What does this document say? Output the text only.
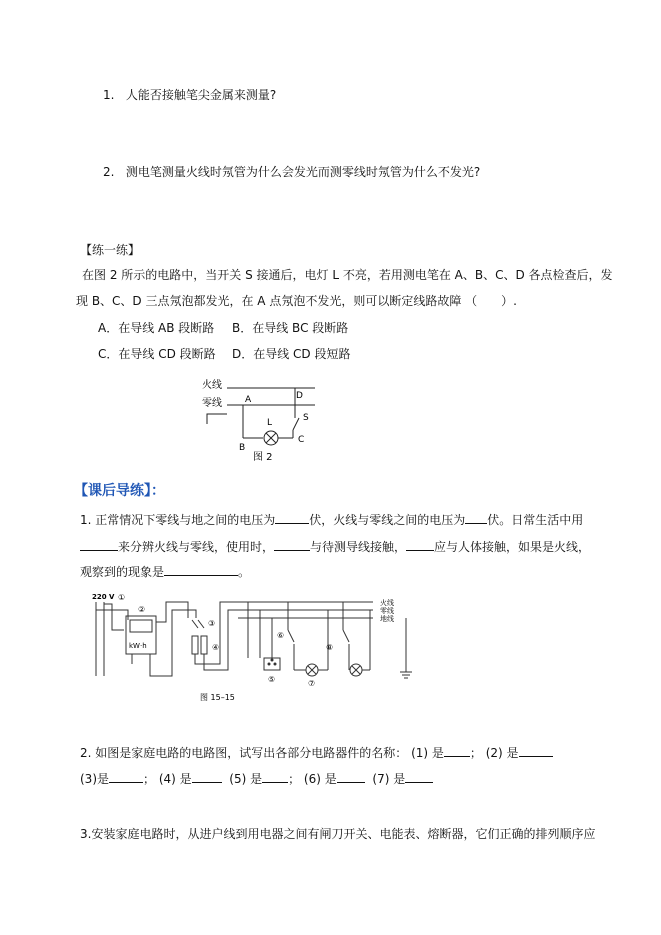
1. 人能否接触笔尖金属来测量?
2. 测电笔测量火线时氖管为什么会发光而测零线时氖管为什么不发光?
【练一练】
在图 2 所示的电路中，当开关 S 接通后，电灯 L 不亮，若用测电笔在 A、B、C、D 各点检查后，发
现 B、C、D 三点氖泡都发光，在 A 点氖泡不发光，则可以断定线路故障 （　　）.
A．在导线 AB 段断路 B．在导线 BC 段断路
C．在导线 CD 段断路 D．在导线 CD 段短路
火线
零线	A
B
C
D
L	S
图 2
【课后导练】：
1. 正常情况下零线与地之间的电压为	伏，火线与零线之间的电压为 伏。日常生活中用
来分辨火线与零线，使用时，	与待测导线接触， 应与人体接触，如果是火线，
观察到的现象是	。
220 V ①
②
kW·h
③
④
火线
零线
地线
⑤
⑥
⑦
⑧
图 15–15
2. 如图是家庭电路的电路图，试写出各部分电路器件的名称： (1) 是 ； (2) 是
(3)是	； (4) 是	(5) 是 ； (6) 是	(7) 是
3.安装家庭电路时，从进户线到用电器之间有闸刀开关、电能表、熔断器，它们正确的排列顺序应
